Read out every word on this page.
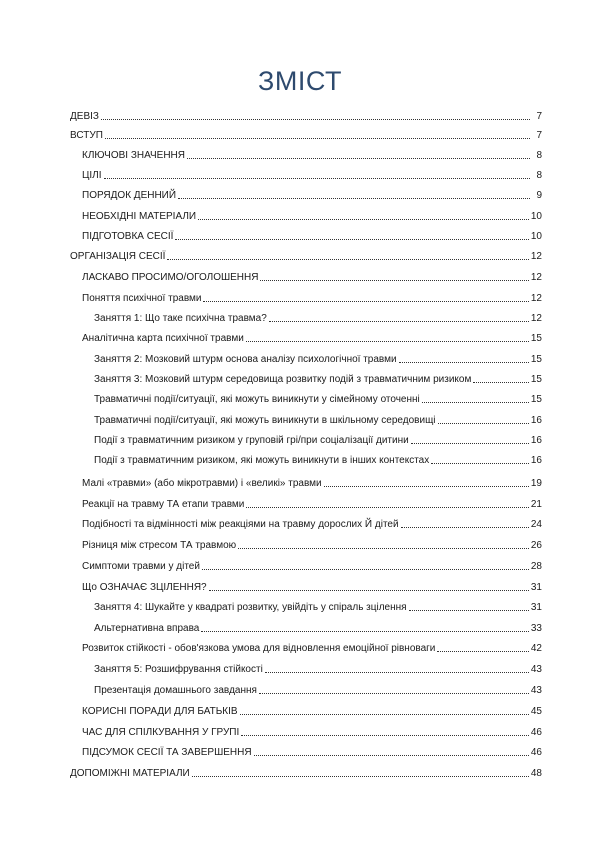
ЗМІСТ
ДЕВІЗ	7
ВСТУП	7
КЛЮЧОВІ ЗНАЧЕННЯ	8
ЦІЛІ	8
ПОРЯДОК ДЕННИЙ	9
НЕОБХІДНІ МАТЕРІАЛИ	10
ПІДГОТОВКА СЕСІЇ	10
ОРГАНІЗАЦІЯ СЕСІЇ	12
ЛАСКАВО ПРОСИМО/ОГОЛОШЕННЯ	12
Поняття психічної травми	12
Заняття 1: Що таке психічна травма?	12
Аналітична карта психічної травми	15
Заняття 2: Мозковий штурм основа аналізу психологічної травми	15
Заняття 3: Мозковий штурм середовища розвитку подій з травматичним ризиком	15
Травматичні події/ситуації, які можуть виникнути у сімейному оточенні	15
Травматичні події/ситуації, які можуть виникнути в шкільному середовищі	16
Події з травматичним ризиком у груповій грі/при соціалізації дитини	16
Події з травматичним ризиком, які можуть виникнути в інших контекстах	16
Малі «травми» (або мікротравми) і «великі» травми	19
Реакції на травму ТА етапи травми	21
Подібності та відмінності між реакціями на травму дорослих Й дітей	24
Різниця між стресом ТА травмою	26
Симптоми травми у дітей	28
Що ОЗНАЧАЄ ЗЦІЛЕННЯ?	31
Заняття 4: Шукайте у квадраті розвитку, увійдіть у спіраль зцілення	31
Альтернативна вправа	33
Розвиток стійкості - обов'язкова умова для відновлення емоційної рівноваги	42
Заняття 5: Розшифрування стійкості	43
Презентація домашнього завдання	43
КОРИСНІ ПОРАДИ ДЛЯ БАТЬКІВ	45
ЧАС ДЛЯ СПІЛКУВАННЯ У ГРУПІ	46
ПІДСУМОК СЕСІЇ ТА ЗАВЕРШЕННЯ	46
ДОПОМІЖНІ МАТЕРІАЛИ	48
